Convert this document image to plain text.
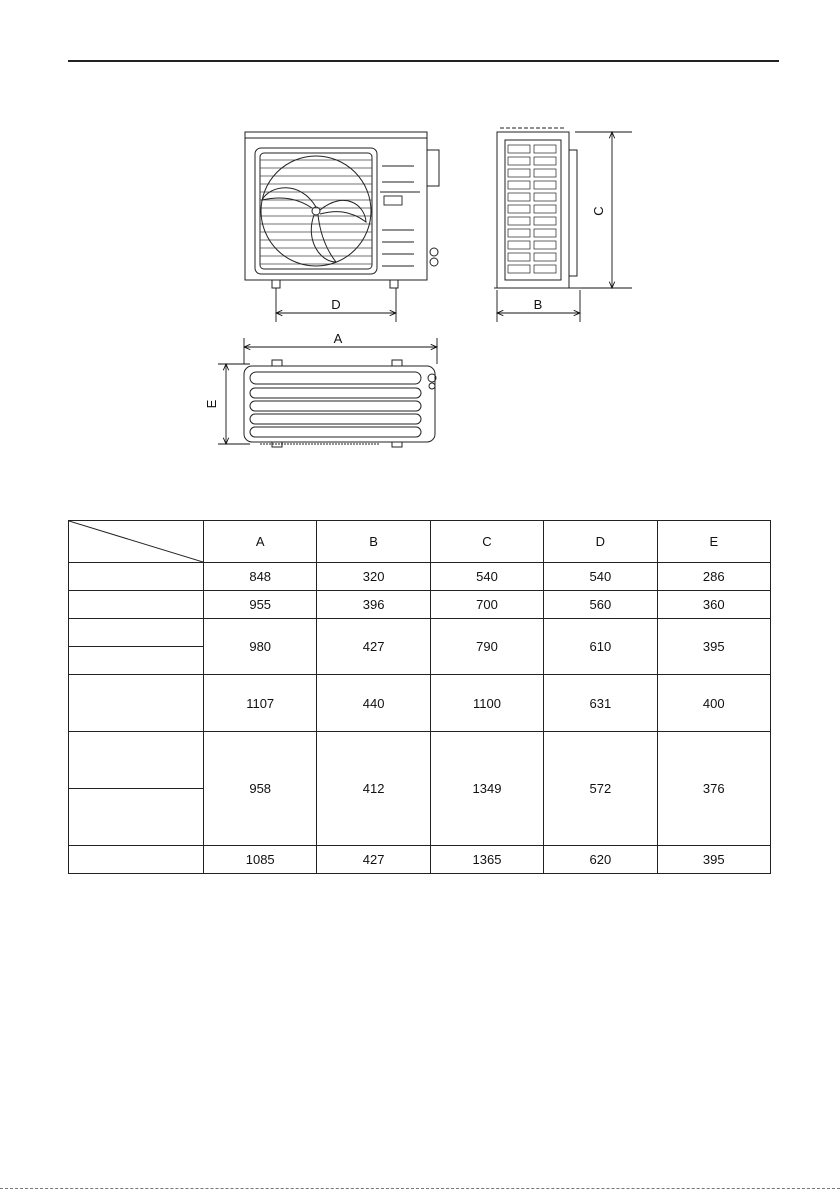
D
C
B
A
E
	A	B	C	D	E
	848	320	540	540	286
	955	396	700	560	360
	980	427	790	610	395

	1107	440	1100	631	400
	958	412	1349	572	376

	1085	427	1365	620	395
